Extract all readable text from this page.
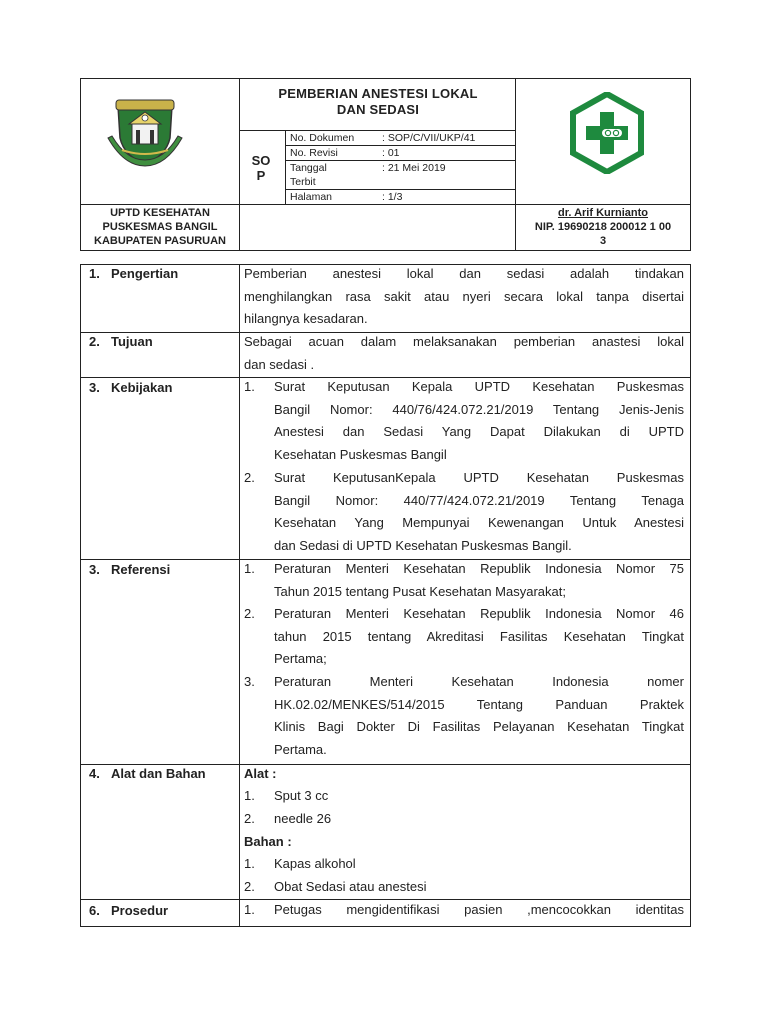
PEMBERIAN ANESTESI LOKAL
DAN SEDASI
SO
P
No. Dokumen	: SOP/C/VII/UKP/41
No. Revisi	: 01
Tanggal	: 21 Mei 2019
Terbit
Halaman	: 1/3
UPTD KESEHATAN
PUSKESMAS BANGIL
KABUPATEN PASURUAN
dr. Arif Kurnianto
NIP. 19690218 200012 1 00
3
1. Pengertian	Pemberian anestesi lokal dan sedasi adalah tindakan
menghilangkan rasa sakit atau nyeri secara lokal tanpa disertai
hilangnya kesadaran.
2. Tujuan	Sebagai acuan dalam melaksanakan pemberian anastesi lokal
dan sedasi .
3. Kebijakan	1. Surat Keputusan Kepala UPTD Kesehatan Puskesmas
Bangil Nomor: 440/76/424.072.21/2019 Tentang Jenis-Jenis
Anestesi dan Sedasi Yang Dapat Dilakukan di UPTD
Kesehatan Puskesmas Bangil
2. Surat KeputusanKepala UPTD Kesehatan Puskesmas
Bangil Nomor: 440/77/424.072.21/2019 Tentang Tenaga
Kesehatan Yang Mempunyai Kewenangan Untuk Anestesi
dan Sedasi di UPTD Kesehatan Puskesmas Bangil.
3. Referensi	1. Peraturan Menteri Kesehatan Republik Indonesia Nomor 75
Tahun 2015 tentang Pusat Kesehatan Masyarakat;
2. Peraturan Menteri Kesehatan Republik Indonesia Nomor 46
tahun 2015 tentang Akreditasi Fasilitas Kesehatan Tingkat
Pertama;
3. Peraturan Menteri Kesehatan Indonesia nomer
HK.02.02/MENKES/514/2015 Tentang Panduan Praktek
Klinis Bagi Dokter Di Fasilitas Pelayanan Kesehatan Tingkat
Pertama.
4. Alat dan Bahan	Alat :
1. Sput 3 cc
2. needle 26
Bahan :
1. Kapas alkohol
2. Obat Sedasi atau anestesi
6. Prosedur	1. Petugas mengidentifikasi pasien ,mencocokkan identitas
